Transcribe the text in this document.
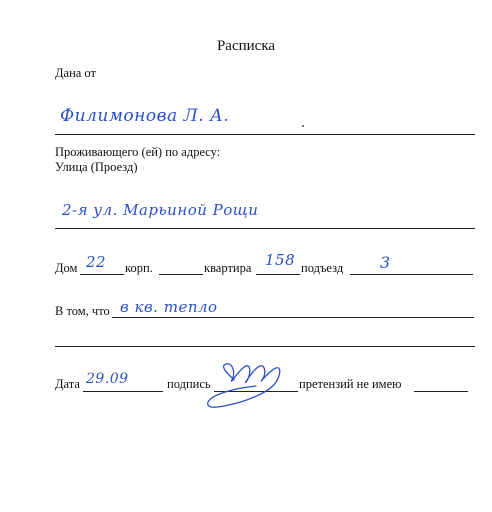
Расписка
Дана от
Филимонова Л. А.
Проживающего (ей) по адресу:
Улица (Проезд)
2-я ул. Марьиной Рощи
Дом 22 корп.	квартира 158 подъезд 3
В том, что в кв. тепло
Дата 29.09	подпись	претензий не имею
